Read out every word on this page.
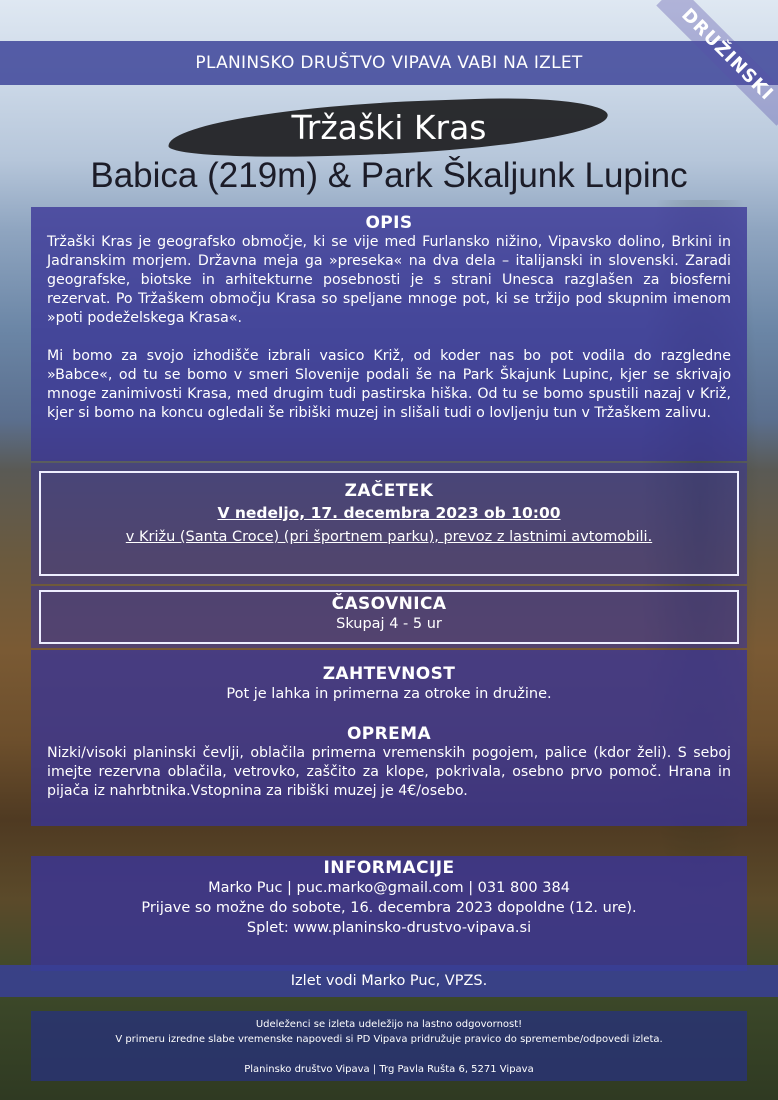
PLANINSKO DRUŠTVO VIPAVA VABI NA IZLET	DRUŽINSKI
Tržaški Kras
Babica (219m) & Park Škaljunk Lupinc
OPIS
Tržaški Kras je geografsko območje, ki se vije med Furlansko nižino, Vipavsko dolino, Brkini in Jadranskim morjem. Državna meja ga »preseka« na dva dela – italijanski in slovenski. Zaradi geografske, biotske in arhitekturne posebnosti je s strani Unesca razglašen za biosferni rezervat. Po Tržaškem območju Krasa so speljane mnoge pot, ki se tržijo pod skupnim imenom »poti podeželskega Krasa«.
Mi bomo za svojo izhodišče izbrali vasico Križ, od koder nas bo pot vodila do razgledne »Babce«, od tu se bomo v smeri Slovenije podali še na Park Škajunk Lupinc, kjer se skrivajo mnoge zanimivosti Krasa, med drugim tudi pastirska hiška. Od tu se bomo spustili nazaj v Križ, kjer si bomo na koncu ogledali še ribiški muzej in slišali tudi o lovljenju tun v Tržaškem zalivu.
ZAČETEK
V nedeljo, 17. decembra 2023 ob 10:00
v Križu (Santa Croce) (pri športnem parku), prevoz z lastnimi avtomobili.
ČASOVNICA
Skupaj 4 - 5 ur
ZAHTEVNOST
Pot je lahka in primerna za otroke in družine.
OPREMA
Nizki/visoki planinski čevlji, oblačila primerna vremenskih pogojem, palice (kdor želi). S seboj imejte rezervna oblačila, vetrovko, zaščito za klope, pokrivala, osebno prvo pomoč. Hrana in pijača iz nahrbtnika.Vstopnina za ribiški muzej je 4€/osebo.
INFORMACIJE
Marko Puc | puc.marko@gmail.com | 031 800 384
Prijave so možne do sobote, 16. decembra 2023 dopoldne (12. ure).
Splet: www.planinsko-drustvo-vipava.si
Izlet vodi Marko Puc, VPZS.
Udeleženci se izleta udeležijo na lastno odgovornost!
V primeru izredne slabe vremenske napovedi si PD Vipava pridružuje pravico do spremembe/odpovedi izleta.
Planinsko društvo Vipava | Trg Pavla Rušta 6, 5271 Vipava
